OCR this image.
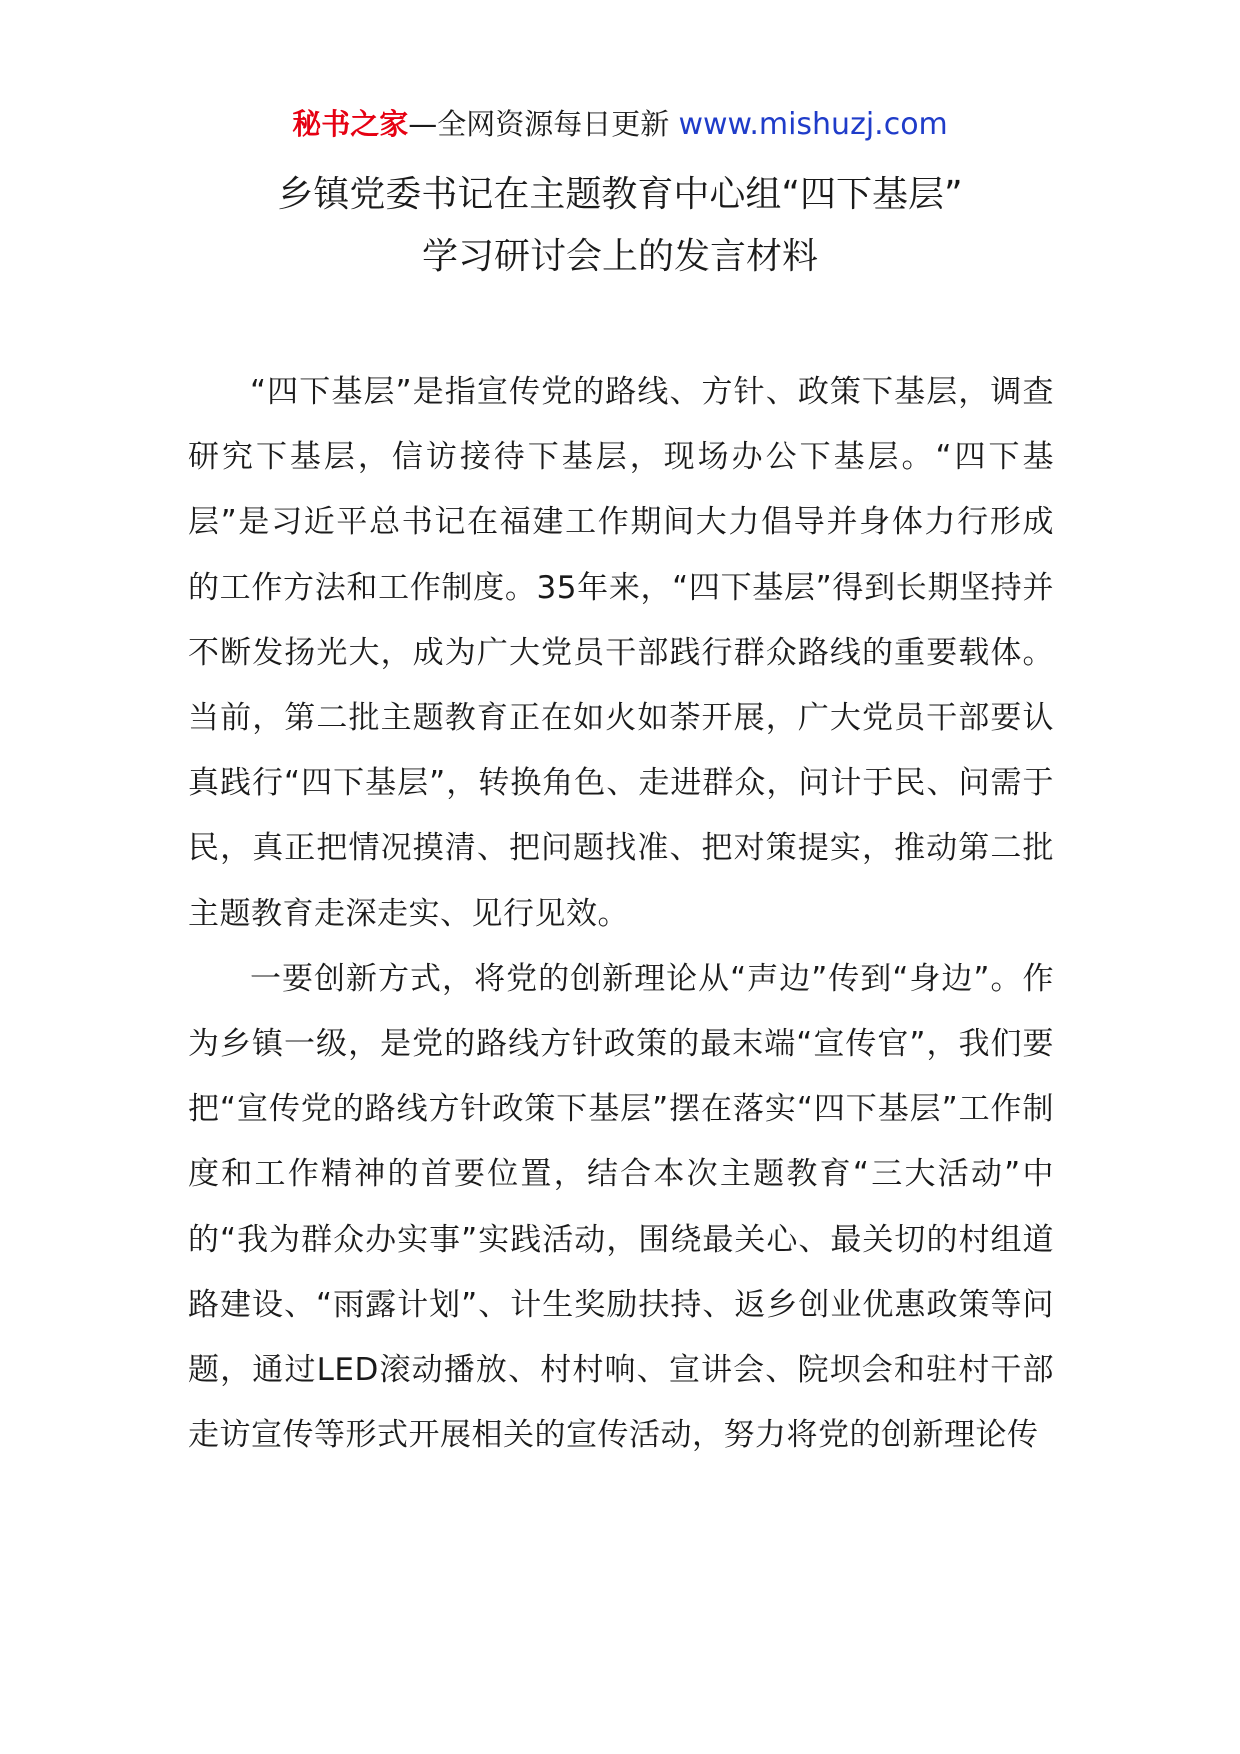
秘书之家—全网资源每日更新 www.mishuzj.com
乡镇党委书记在主题教育中心组“四下基层”
学习研讨会上的发言材料

“四下基层”是指宣传党的路线、方针、政策下基层，调查研究下基层，信访接待下基层，现场办公下基层。“四下基层”是习近平总书记在福建工作期间大力倡导并身体力行形成的工作方法和工作制度。35年来，“四下基层”得到长期坚持并不断发扬光大，成为广大党员干部践行群众路线的重要载体。当前，第二批主题教育正在如火如荼开展，广大党员干部要认真践行“四下基层”，转换角色、走进群众，问计于民、问需于民，真正把情况摸清、把问题找准、把对策提实，推动第二批主题教育走深走实、见行见效。

一要创新方式，将党的创新理论从“声边”传到“身边”。作为乡镇一级，是党的路线方针政策的最末端“宣传官”，我们要把“宣传党的路线方针政策下基层”摆在落实“四下基层”工作制度和工作精神的首要位置，结合本次主题教育“三大活动”中的“我为群众办实事”实践活动，围绕最关心、最关切的村组道路建设、“雨露计划”、计生奖励扶持、返乡创业优惠政策等问题，通过LED滚动播放、村村响、宣讲会、院坝会和驻村干部走访宣传等形式开展相关的宣传活动，努力将党的创新理论传
